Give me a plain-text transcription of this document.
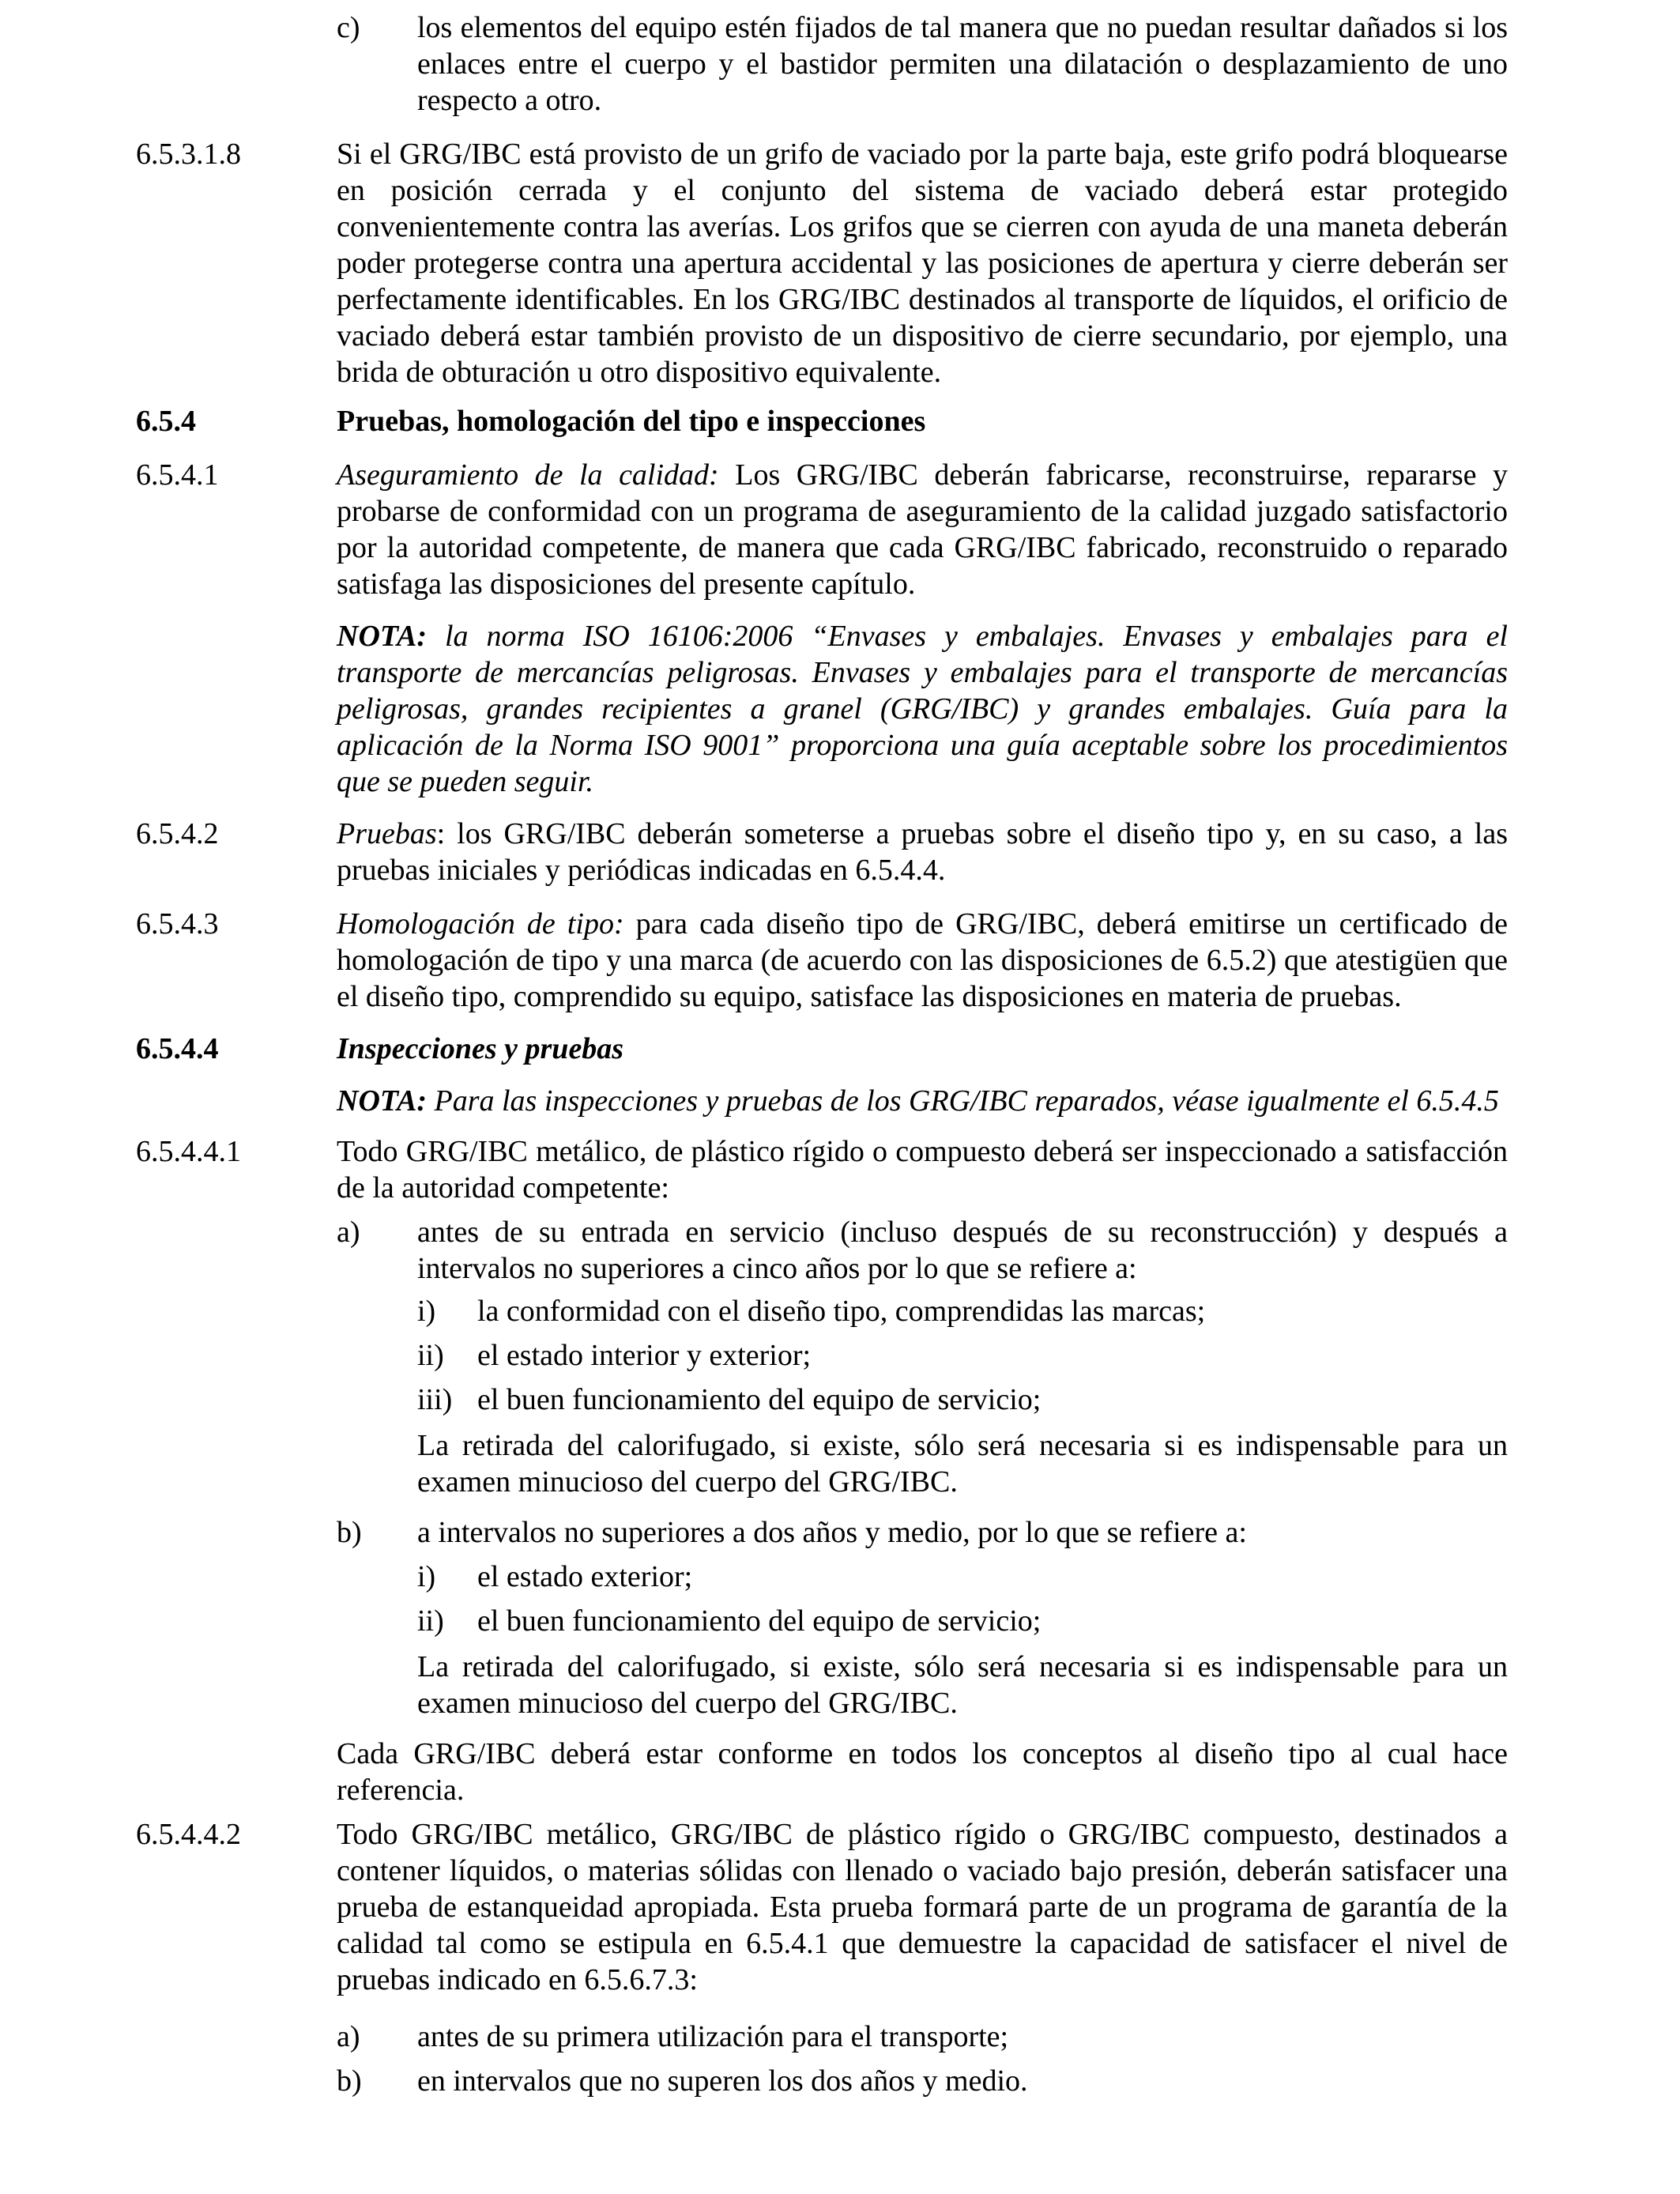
c) los elementos del equipo estén fijados de tal manera que no puedan resultar dañados si los enlaces entre el cuerpo y el bastidor permiten una dilatación o desplazamiento de uno respecto a otro.

6.5.3.1.8	Si el GRG/IBC está provisto de un grifo de vaciado por la parte baja, este grifo podrá bloquearse en posición cerrada y el conjunto del sistema de vaciado deberá estar protegido convenientemente contra las averías. Los grifos que se cierren con ayuda de una maneta deberán poder protegerse contra una apertura accidental y las posiciones de apertura y cierre deberán ser perfectamente identificables. En los GRG/IBC destinados al transporte de líquidos, el orificio de vaciado deberá estar también provisto de un dispositivo de cierre secundario, por ejemplo, una brida de obturación u otro dispositivo equivalente.

6.5.4	Pruebas, homologación del tipo e inspecciones
6.5.4.1	Aseguramiento de la calidad: Los GRG/IBC deberán fabricarse, reconstruirse, repararse y probarse de conformidad con un programa de aseguramiento de la calidad juzgado satisfactorio por la autoridad competente, de manera que cada GRG/IBC fabricado, reconstruido o reparado satisfaga las disposiciones del presente capítulo.

NOTA: la norma ISO 16106:2006 “Envases y embalajes. Envases y embalajes para el transporte de mercancías peligrosas. Envases y embalajes para el transporte de mercancías peligrosas, grandes recipientes a granel (GRG/IBC) y grandes embalajes. Guía para la aplicación de la Norma ISO 9001” proporciona una guía aceptable sobre los procedimientos que se pueden seguir.

6.5.4.2	Pruebas: los GRG/IBC deberán someterse a pruebas sobre el diseño tipo y, en su caso, a las pruebas iniciales y periódicas indicadas en 6.5.4.4.

6.5.4.3	Homologación de tipo: para cada diseño tipo de GRG/IBC, deberá emitirse un certificado de homologación de tipo y una marca (de acuerdo con las disposiciones de 6.5.2) que atestigüen que el diseño tipo, comprendido su equipo, satisface las disposiciones en materia de pruebas.

6.5.4.4	Inspecciones y pruebas

NOTA: Para las inspecciones y pruebas de los GRG/IBC reparados, véase igualmente el 6.5.4.5

6.5.4.4.1	Todo GRG/IBC metálico, de plástico rígido o compuesto deberá ser inspeccionado a satisfacción de la autoridad competente:

a) antes de su entrada en servicio (incluso después de su reconstrucción) y después a intervalos no superiores a cinco años por lo que se refiere a:

i) la conformidad con el diseño tipo, comprendidas las marcas;
ii) el estado interior y exterior;
iii) el buen funcionamiento del equipo de servicio;

La retirada del calorifugado, si existe, sólo será necesaria si es indispensable para un examen minucioso del cuerpo del GRG/IBC.

b) a intervalos no superiores a dos años y medio, por lo que se refiere a:

i) el estado exterior;
ii) el buen funcionamiento del equipo de servicio;

La retirada del calorifugado, si existe, sólo será necesaria si es indispensable para un examen minucioso del cuerpo del GRG/IBC.

Cada GRG/IBC deberá estar conforme en todos los conceptos al diseño tipo al cual hace referencia.

6.5.4.4.2	Todo GRG/IBC metálico, GRG/IBC de plástico rígido o GRG/IBC compuesto, destinados a contener líquidos, o materias sólidas con llenado o vaciado bajo presión, deberán satisfacer una prueba de estanqueidad apropiada. Esta prueba formará parte de un programa de garantía de la calidad tal como se estipula en 6.5.4.1 que demuestre la capacidad de satisfacer el nivel de pruebas indicado en 6.5.6.7.3:

a) antes de su primera utilización para el transporte;

b) en intervalos que no superen los dos años y medio.
